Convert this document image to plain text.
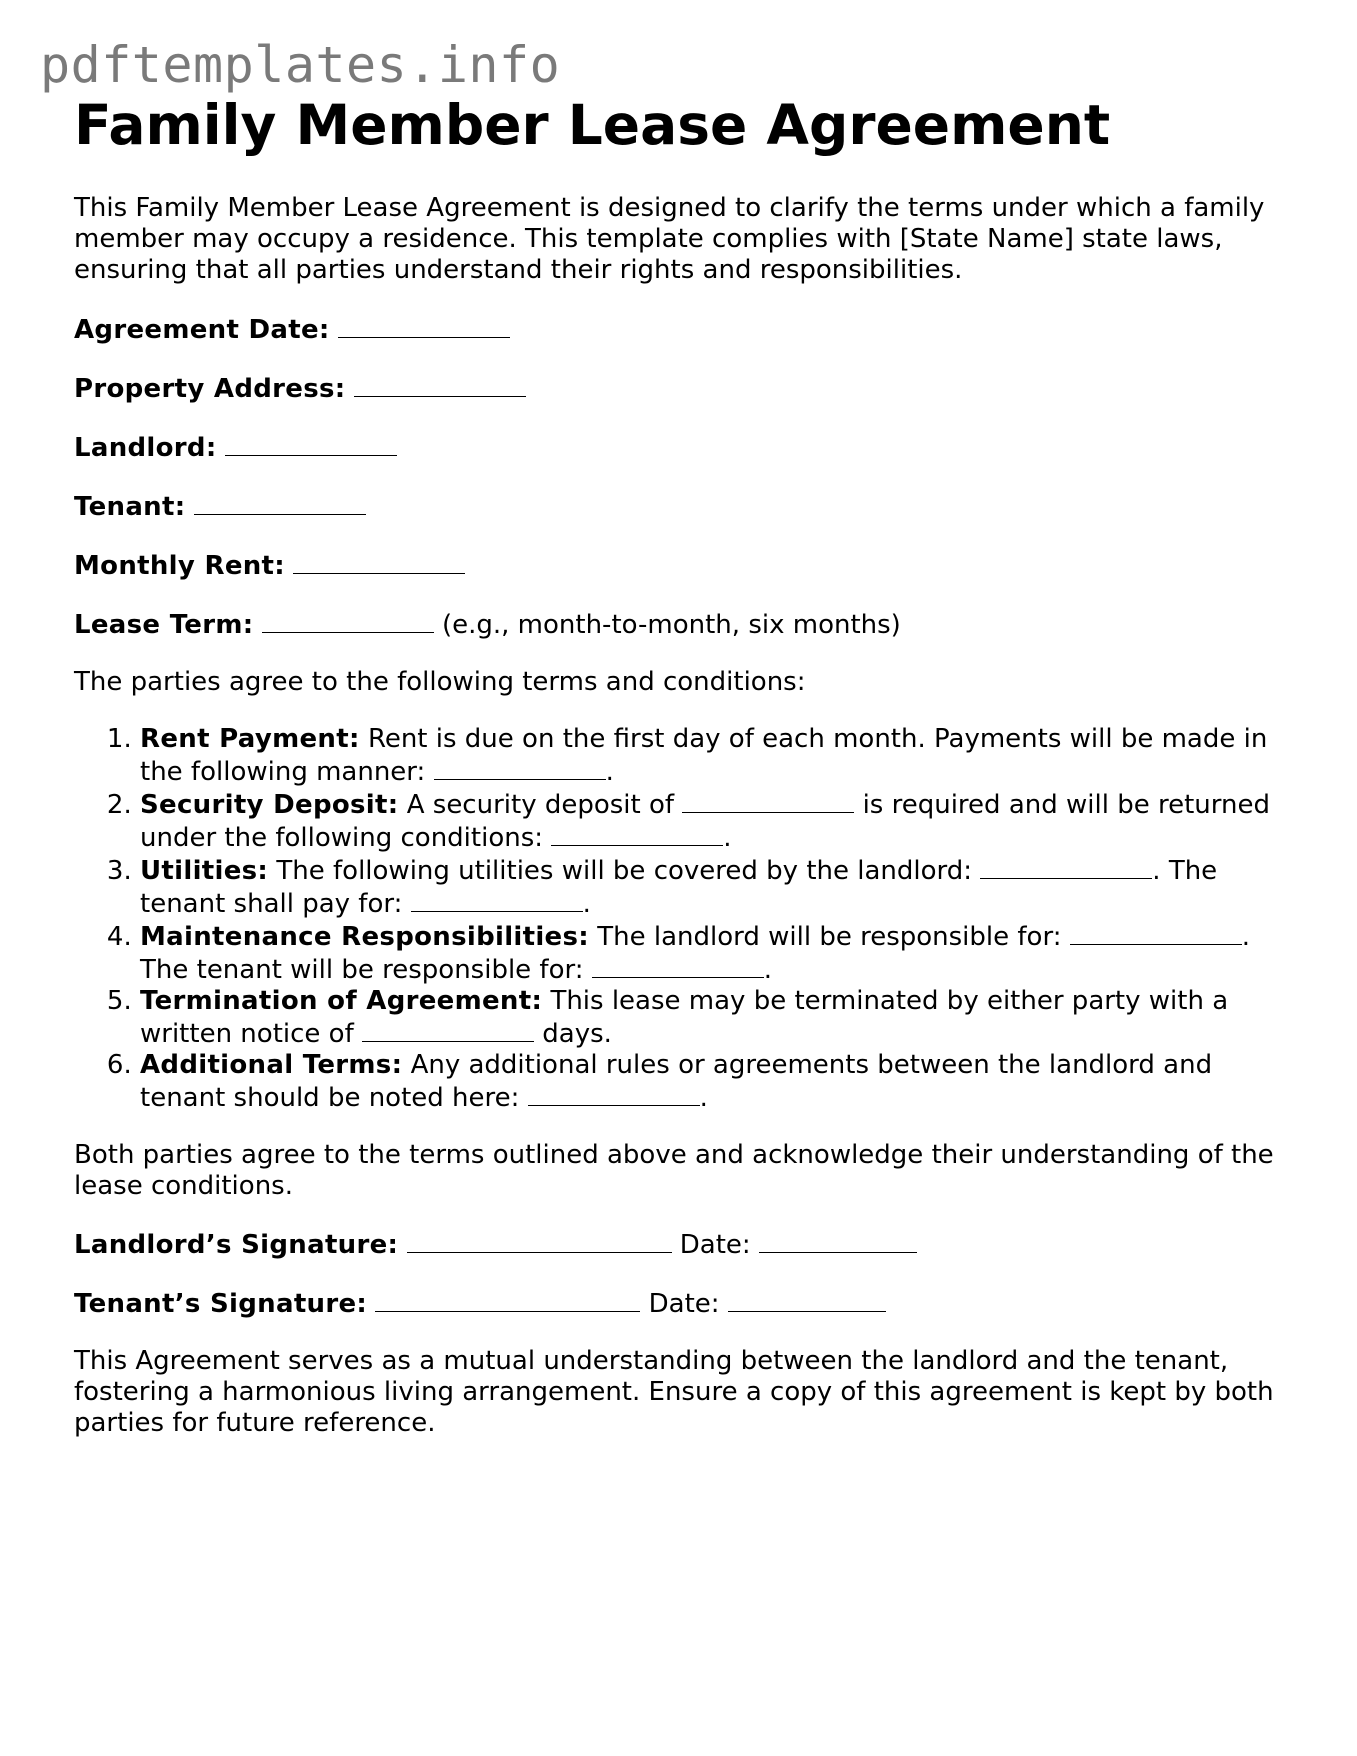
pdftemplates.info
Family Member Lease Agreement

This Family Member Lease Agreement is designed to clarify the terms under which a family member may occupy a residence. This template complies with [State Name] state laws, ensuring that all parties understand their rights and responsibilities.

Agreement Date:
Property Address:
Landlord:
Tenant:
Monthly Rent:
Lease Term:	(e.g., month-to-month, six months)

The parties agree to the following terms and conditions:

1. Rent Payment: Rent is due on the first day of each month. Payments will be made in the following manner:	.
2. Security Deposit: A security deposit of	is required and will be returned under the following conditions:	.
3. Utilities: The following utilities will be covered by the landlord:	. The tenant shall pay for:	.
4. Maintenance Responsibilities: The landlord will be responsible for:	. The tenant will be responsible for:	.
5. Termination of Agreement: This lease may be terminated by either party with a written notice of	days.
6. Additional Terms: Any additional rules or agreements between the landlord and tenant should be noted here:	.

Both parties agree to the terms outlined above and acknowledge their understanding of the lease conditions.

Landlord’s Signature:	Date:
Tenant’s Signature:	Date:

This Agreement serves as a mutual understanding between the landlord and the tenant, fostering a harmonious living arrangement. Ensure a copy of this agreement is kept by both parties for future reference.
